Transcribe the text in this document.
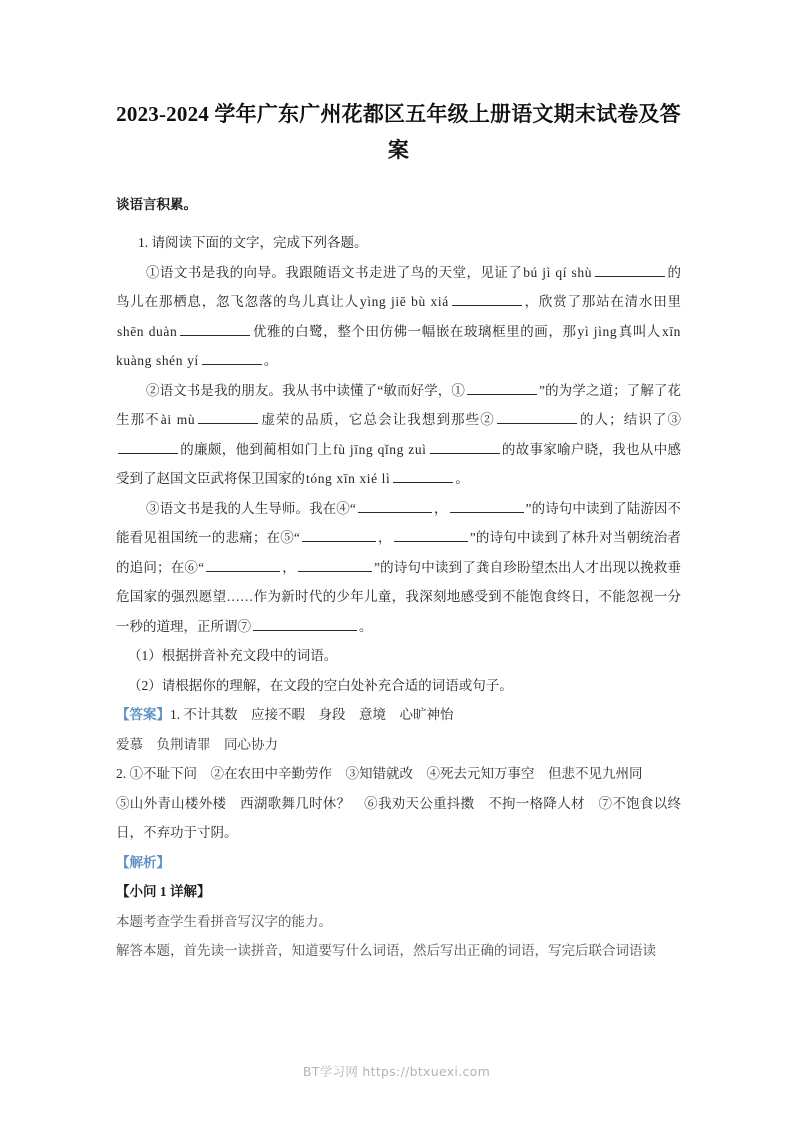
2023-2024 学年广东广州花都区五年级上册语文期末试卷及答案
谈语言积累。

1. 请阅读下面的文字，完成下列各题。

①语文书是我的向导。我跟随语文书走进了鸟的天堂，见证了bú jì qí shù	的鸟儿在那栖息，忽飞忽落的鸟儿真让人yìng jiē bù xiá	，欣赏了那站在清水田里shēn duàn	优雅的白鹭，整个田仿佛一幅嵌在玻璃框里的画，那yì jìng真叫人xīn kuàng shén yí	。

②语文书是我的朋友。我从书中读懂了“敏而好学，①	”的为学之道；了解了花生那不ài mù	虚荣的品质，它总会让我想到那些②	的人；结识了③的廉颇，他到蔺相如门上fù jīng qǐng zuì	的故事家喻户晓，我也从中感受到了赵国文臣武将保卫国家的tóng xīn xié lì	。

③语文书是我的人生导师。我在④“	，	”的诗句中读到了陆游因不能看见祖国统一的悲痛；在⑤“	，	”的诗句中读到了林升对当朝统治者的追问；在⑥“	，	”的诗句中读到了龚自珍盼望杰出人才出现以挽救垂危国家的强烈愿望……作为新时代的少年儿童，我深刻地感受到不能饱食终日，不能忽视一分一秒的道理，正所谓⑦	。

（1）根据拼音补充文段中的词语。

（2）请根据你的理解，在文段的空白处补充合适的词语或句子。

【答案】1. 不计其数　应接不暇　身段　意境　心旷神怡

爱慕　负荆请罪　同心协力

2. ①不耻下问　②在农田中辛勤劳作　③知错就改　④死去元知万事空　但悲不见九州同

⑤山外青山楼外楼　西湖歌舞几时休？　⑥我劝天公重抖擞　不拘一格降人材　⑦不饱食以终日，不弃功于寸阴。

【解析】

【小问 1 详解】

本题考查学生看拼音写汉字的能力。

解答本题，首先读一读拼音，知道要写什么词语，然后写出正确的词语，写完后联合词语读

BT学习网 https://btxuexi.com
